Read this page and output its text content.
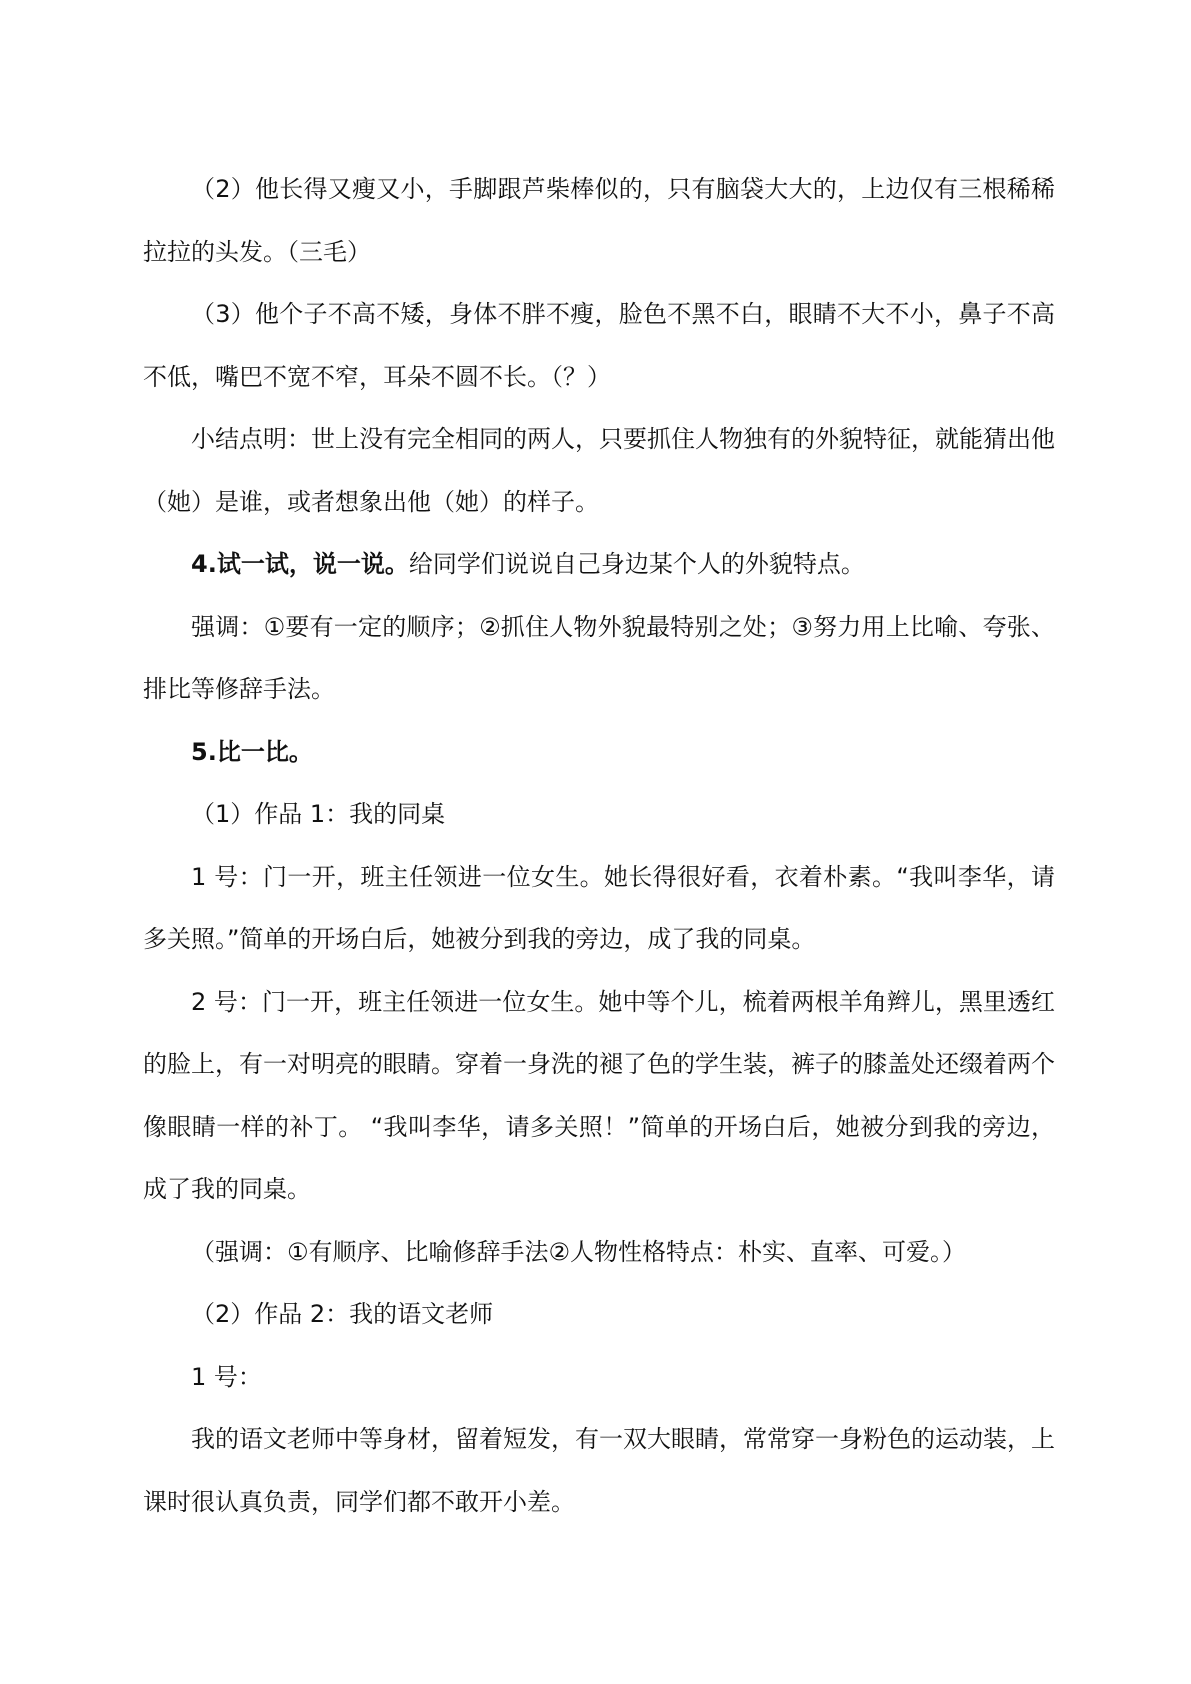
（2）他长得又瘦又小，手脚跟芦柴棒似的，只有脑袋大大的，上边仅有三根稀稀拉拉的头发。（三毛）

（3）他个子不高不矮，身体不胖不瘦，脸色不黑不白，眼睛不大不小，鼻子不高不低，嘴巴不宽不窄，耳朵不圆不长。（？）

小结点明：世上没有完全相同的两人，只要抓住人物独有的外貌特征，就能猜出他（她）是谁，或者想象出他（她）的样子。

4.试一试，说一说。给同学们说说自己身边某个人的外貌特点。

强调：①要有一定的顺序；②抓住人物外貌最特别之处；③努力用上比喻、夸张、排比等修辞手法。

5.比一比。

（1）作品 1：我的同桌

1 号：门一开，班主任领进一位女生。她长得很好看，衣着朴素。“我叫李华，请多关照。”简单的开场白后，她被分到我的旁边，成了我的同桌。

2 号：门一开，班主任领进一位女生。她中等个儿，梳着两根羊角辫儿，黑里透红的脸上，有一对明亮的眼睛。穿着一身洗的褪了色的学生装，裤子的膝盖处还缀着两个像眼睛一样的补丁。 “我叫李华，请多关照！”简单的开场白后，她被分到我的旁边，成了我的同桌。

（强调：①有顺序、比喻修辞手法②人物性格特点：朴实、直率、可爱。）

（2）作品 2：我的语文老师

1 号：

我的语文老师中等身材，留着短发，有一双大眼睛，常常穿一身粉色的运动装，上课时很认真负责，同学们都不敢开小差。
